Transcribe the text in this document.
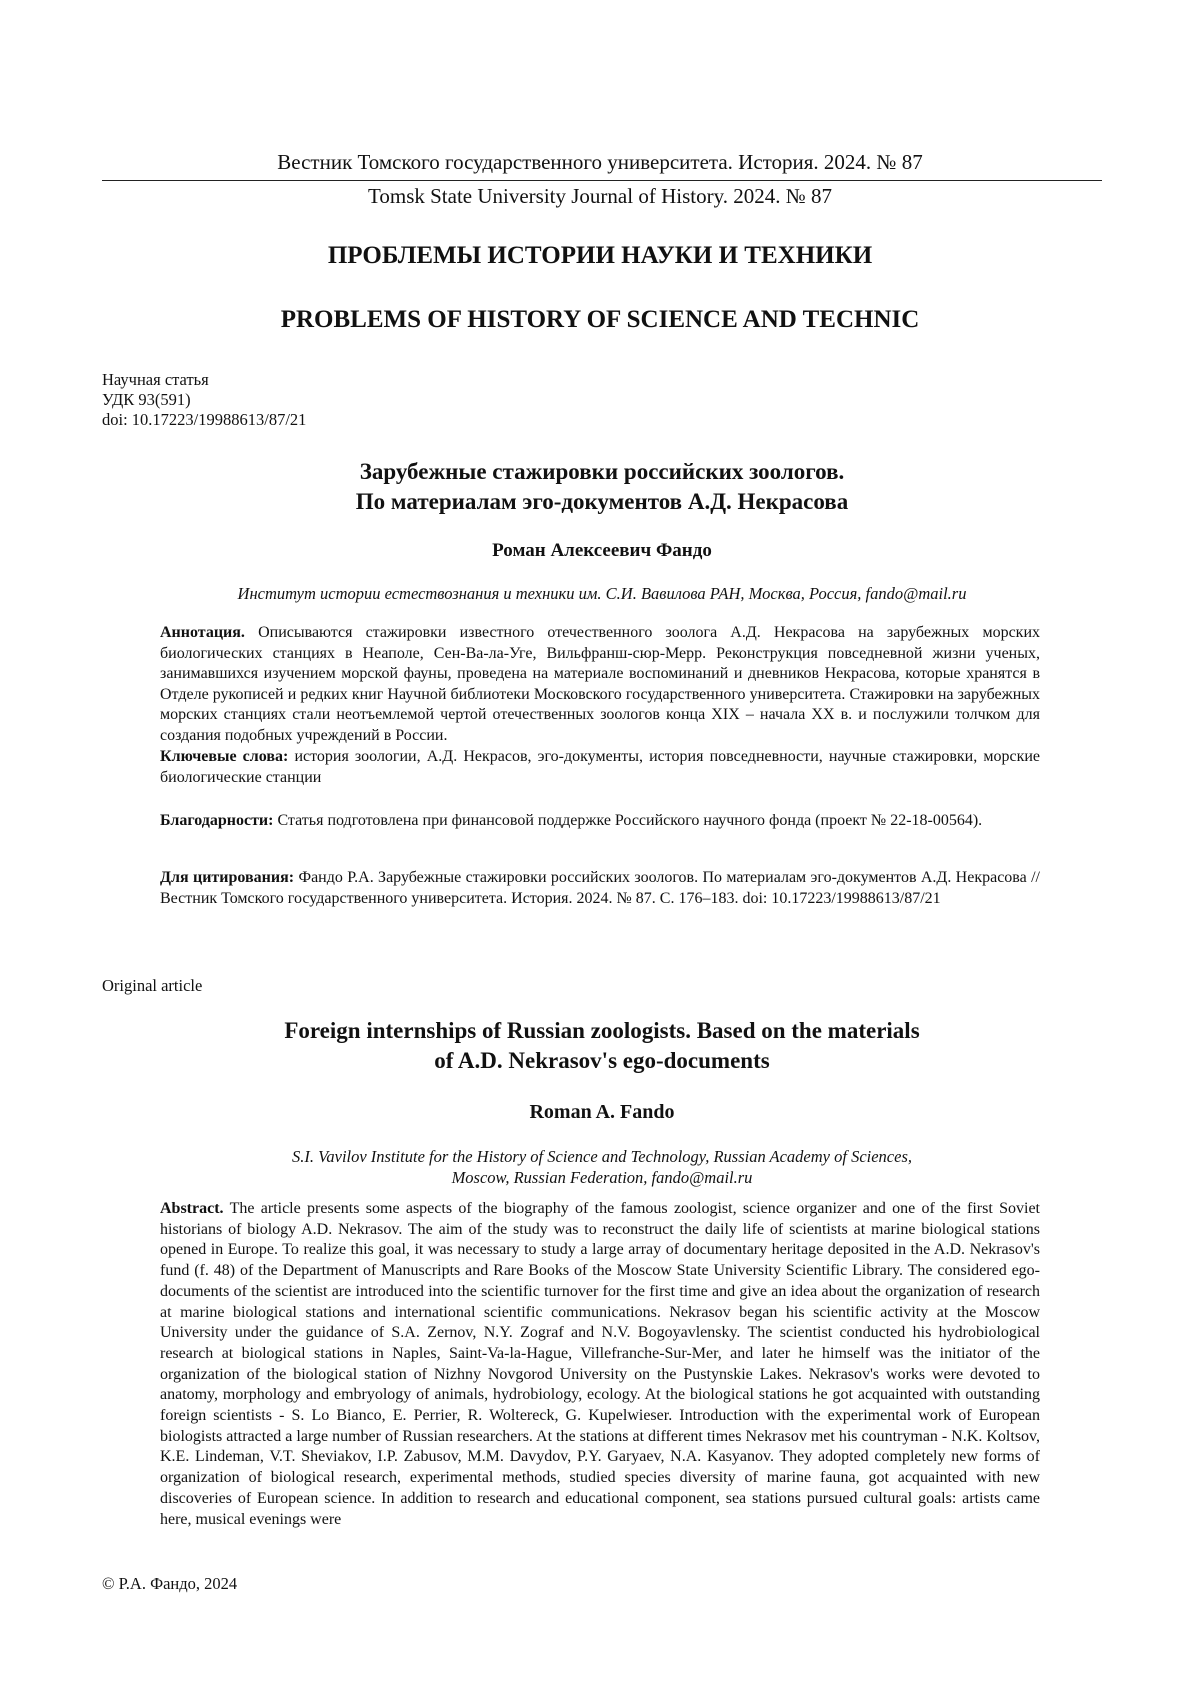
Вестник Томского государственного университета. История. 2024. № 87
Tomsk State University Journal of History. 2024. № 87
ПРОБЛЕМЫ ИСТОРИИ НАУКИ И ТЕХНИКИ
PROBLEMS OF HISTORY OF SCIENCE AND TECHNIC
Научная статья
УДК 93(591)
doi: 10.17223/19988613/87/21
Зарубежные стажировки российских зоологов.
По материалам эго-документов А.Д. Некрасова
Роман Алексеевич Фандо
Институт истории естествознания и техники им. С.И. Вавилова РАН, Москва, Россия, fando@mail.ru
Аннотация. Описываются стажировки известного отечественного зоолога А.Д. Некрасова на зарубежных морских биологических станциях в Неаполе, Сен-Ва-ла-Уге, Вильфранш-сюр-Мерр. Реконструкция повседневной жизни ученых, занимавшихся изучением морской фауны, проведена на материале воспоминаний и дневников Некрасова, которые хранятся в Отделе рукописей и редких книг Научной библиотеки Московского государственного университета. Стажировки на зарубежных морских станциях стали неотъемлемой чертой отечественных зоологов конца XIX – начала XX в. и послужили толчком для создания подобных учреждений в России.
Ключевые слова: история зоологии, А.Д. Некрасов, эго-документы, история повседневности, научные стажировки, морские биологические станции
Благодарности: Статья подготовлена при финансовой поддержке Российского научного фонда (проект № 22-18-00564).
Для цитирования: Фандо Р.А. Зарубежные стажировки российских зоологов. По материалам эго-документов А.Д. Некрасова // Вестник Томского государственного университета. История. 2024. № 87. С. 176–183. doi: 10.17223/19988613/87/21
Original article
Foreign internships of Russian zoologists. Based on the materials
of A.D. Nekrasov's ego-documents
Roman A. Fando
S.I. Vavilov Institute for the History of Science and Technology, Russian Academy of Sciences,
Moscow, Russian Federation, fando@mail.ru
Abstract. The article presents some aspects of the biography of the famous zoologist, science organizer and one of the first Soviet historians of biology A.D. Nekrasov. The aim of the study was to reconstruct the daily life of scientists at marine biological stations opened in Europe. To realize this goal, it was necessary to study a large array of documentary heritage deposited in the A.D. Nekrasov's fund (f. 48) of the Department of Manuscripts and Rare Books of the Moscow State University Scientific Library. The considered ego-documents of the scientist are introduced into the scientific turnover for the first time and give an idea about the organization of research at marine biological stations and international scientific communications. Nekrasov began his scientific activity at the Moscow University under the guidance of S.A. Zernov, N.Y. Zograf and N.V. Bogoyavlensky. The scientist conducted his hydrobiological research at biological stations in Naples, Saint-Va-la-Hague, Villefranche-Sur-Mer, and later he himself was the initiator of the organization of the biological station of Nizhny Novgorod University on the Pustynskie Lakes. Nekrasov's works were devoted to anatomy, morphology and embryology of animals, hydrobiology, ecology. At the biological stations he got acquainted with outstanding foreign scientists - S. Lo Bianco, E. Perrier, R. Woltereck, G. Kupelwieser. Introduction with the experimental work of European biologists attracted a large number of Russian researchers. At the stations at different times Nekrasov met his countryman - N.K. Koltsov, K.E. Lindeman, V.T. Sheviakov, I.P. Zabusov, M.M. Davydov, P.Y. Garyaev, N.A. Kasyanov. They adopted completely new forms of organization of biological research, experimental methods, studied species diversity of marine fauna, got acquainted with new discoveries of European science. In addition to research and educational component, sea stations pursued cultural goals: artists came here, musical evenings were
© Р.А. Фандо, 2024
